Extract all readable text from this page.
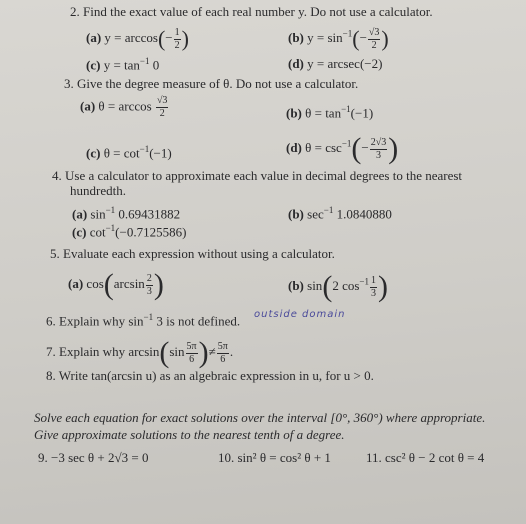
2. Find the exact value of each real number y. Do not use a calculator.
(a) $y = \arccos(- \frac{1}{2}$ )	(b) $y = \sin^{-1}(- \frac{√3}{2}$ )
(c) $y = \tan^{-1} 0$	(d) y = arcsec(−2)
3. Give the degree measure of θ. Do not use a calculator.
(a) $\theta = \arccos \frac{√3}{2}$	(b) $\theta = \tan^{-1}(-1)$
(c) $\theta = \cot^{-1}(-1)$	(d) $\theta = \csc^{-1}(- \frac{2√3}{3}$ )
4. Use a calculator to approximate each value in decimal degrees to the nearest
hundredth.
(a) $\sin^{-1} 0.69431882$	(b) $\sec^{-1} 1.0840880$
(c) $\cot^{-1}(-0.7125586)$
5. Evaluate each expression without using a calculator.
(a) $\cos(\arcsin \frac{2}{3}$ )	(b) sin(2 $\cos^{-1} \frac{1}{3}$ )
6. Explain why $\sin^{-1} 3$ is not defined. outside domain
7. Explain why $\arcsin(\sin \frac{5\pi}{6}$ )≠ $\frac{5\pi}{6}$ .
8. Write tan(arcsin u) as an algebraic expression in u, for u > 0.
Solve each equation for exact solutions over the interval [0°, 360°) where appropriate.
Give approximate solutions to the nearest tenth of a degree.
9. −3 sec θ + 2√3 = 0	10. sin² θ = cos² θ + 1	11. csc² θ − 2 cot θ = 4
